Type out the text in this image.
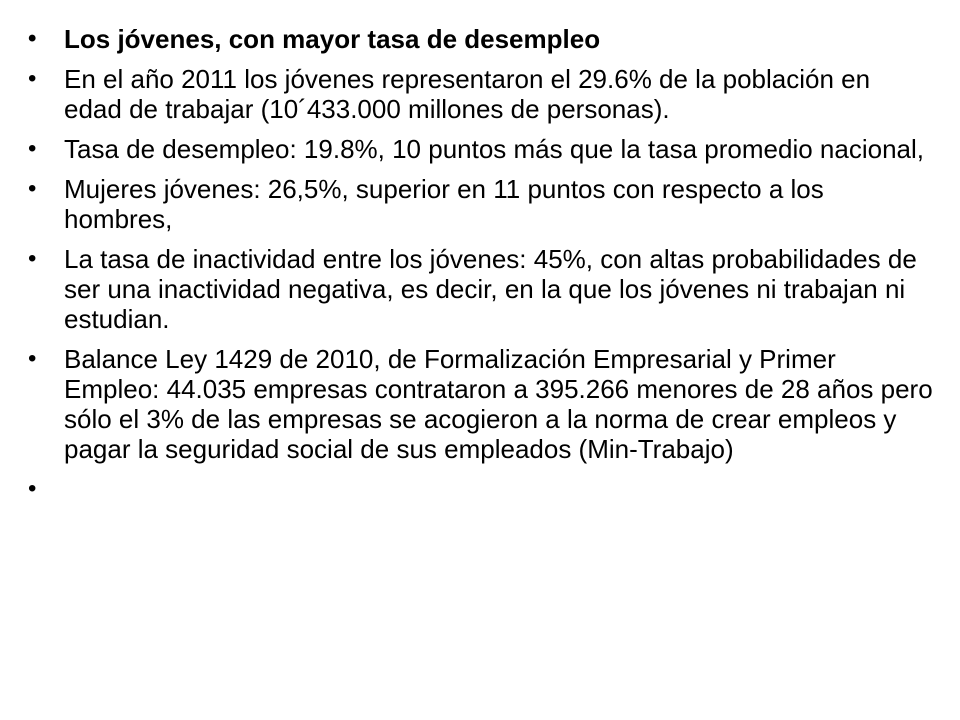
•	Los jóvenes, con mayor tasa de desempleo
•	En el año 2011 los jóvenes representaron el 29.6% de la población en edad de trabajar (10´433.000 millones de personas).
•	Tasa de desempleo: 19.8%, 10 puntos más que la tasa promedio nacional,
•	Mujeres jóvenes: 26,5%, superior en 11 puntos con respecto a los hombres,
•	La tasa de inactividad entre los jóvenes: 45%, con altas probabilidades de ser una inactividad negativa, es decir, en la que los jóvenes ni trabajan ni estudian.
•	Balance Ley 1429 de 2010, de Formalización Empresarial y Primer Empleo: 44.035 empresas contrataron a 395.266 menores de 28 años pero sólo el 3% de las empresas se acogieron a la norma de crear empleos y pagar la seguridad social de sus empleados (Min-Trabajo)
•
